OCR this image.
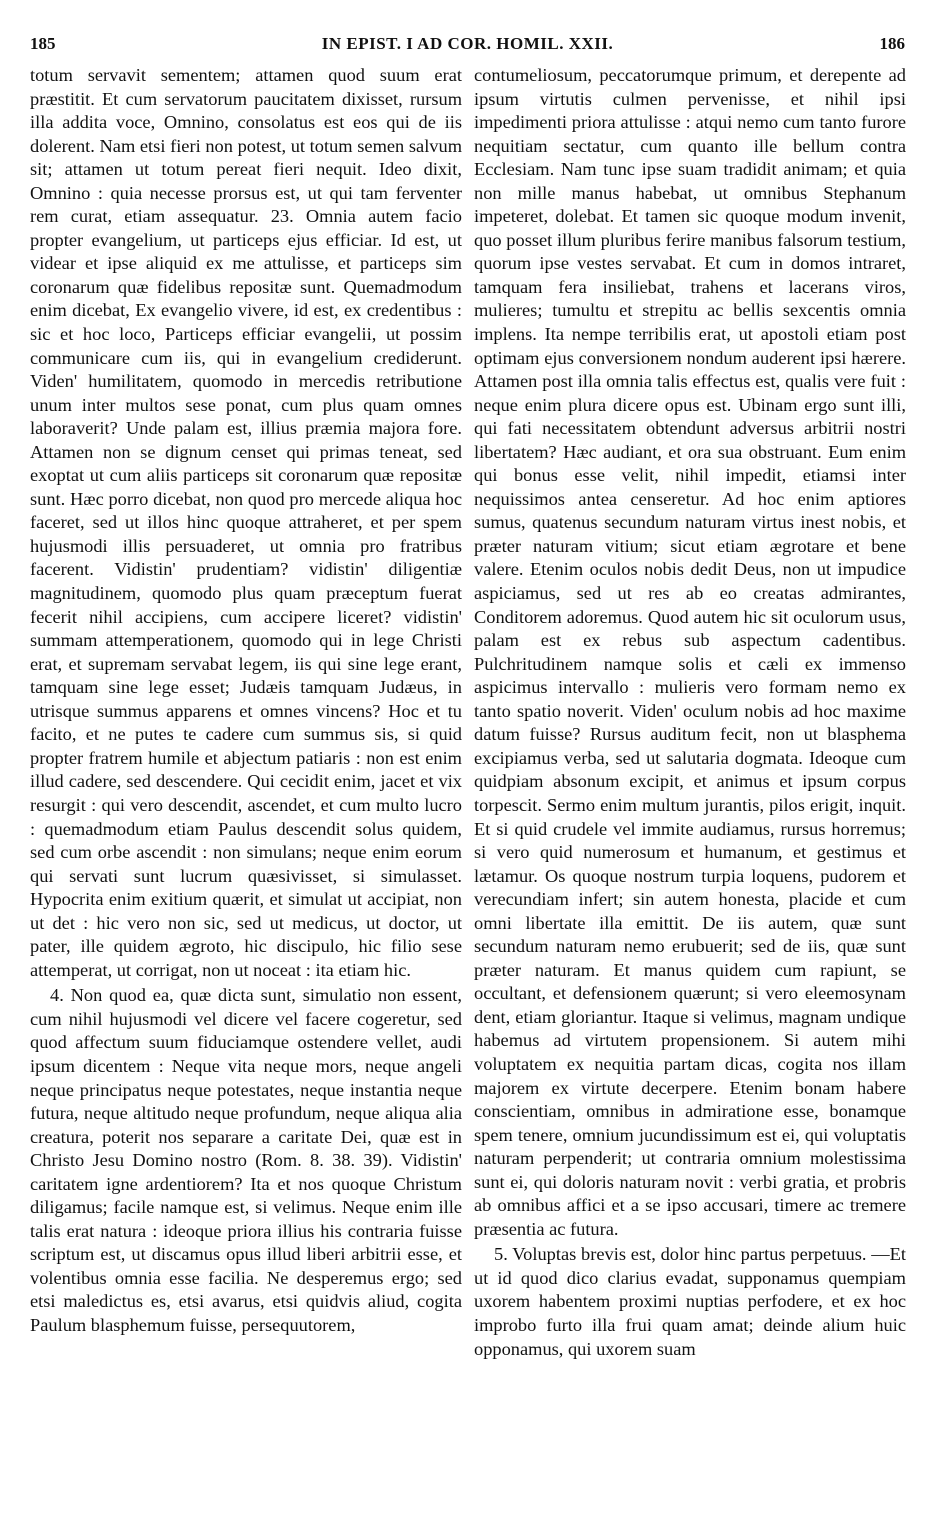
185	IN EPIST. I AD COR. HOMIL. XXII.	186

totum servavit sementem; attamen quod suum erat præstitit. Et cum servatorum paucitatem dixisset, rursum illa addita voce, Omnino, consolatus est eos qui de iis dolerent. Nam etsi fieri non potest, ut totum semen salvum sit; attamen ut totum pereat fieri nequit. Ideo dixit, Omnino : quia necesse prorsus est, ut qui tam ferventer rem curat, etiam assequatur. 23. Omnia autem facio propter evangelium, ut particeps ejus efficiar. Id est, ut videar et ipse aliquid ex me attulisse, et particeps sim coronarum quæ fidelibus repositæ sunt. Quemadmodum enim dicebat, Ex evangelio vivere, id est, ex credentibus : sic et hoc loco, Particeps efficiar evangelii, ut possim communicare cum iis, qui in evangelium crediderunt. Viden' humilitatem, quomodo in mercedis retributione unum inter multos sese ponat, cum plus quam omnes laboraverit? Unde palam est, illius præmia majora fore. Attamen non se dignum censet qui primas teneat, sed exoptat ut cum aliis particeps sit coronarum quæ repositæ sunt. Hæc porro dicebat, non quod pro mercede aliqua hoc faceret, sed ut illos hinc quoque attraheret, et per spem hujusmodi illis persuaderet, ut omnia pro fratribus facerent. Vidistin' prudentiam? vidistin' diligentiæ magnitudinem, quomodo plus quam præceptum fuerat fecerit nihil accipiens, cum accipere liceret? vidistin' summam attemperationem, quomodo qui in lege Christi erat, et supremam servabat legem, iis qui sine lege erant, tamquam sine lege esset; Judæis tamquam Judæus, in utrisque summus apparens et omnes vincens? Hoc et tu facito, et ne putes te cadere cum summus sis, si quid propter fratrem humile et abjectum patiaris : non est enim illud cadere, sed descendere. Qui cecidit enim, jacet et vix resurgit : qui vero descendit, ascendet, et cum multo lucro : quemadmodum etiam Paulus descendit solus quidem, sed cum orbe ascendit : non simulans; neque enim eorum qui servati sunt lucrum quæsivisset, si simulasset. Hypocrita enim exitium quærit, et simulat ut accipiat, non ut det : hic vero non sic, sed ut medicus, ut doctor, ut pater, ille quidem ægroto, hic discipulo, hic filio sese attemperat, ut corrigat, non ut noceat : ita etiam hic.

4. Non quod ea, quæ dicta sunt, simulatio non essent, cum nihil hujusmodi vel dicere vel facere cogeretur, sed quod affectum suum fiduciamque ostendere vellet, audi ipsum dicentem : Neque vita neque mors, neque angeli neque principatus neque potestates, neque instantia neque futura, neque altitudo neque profundum, neque aliqua alia creatura, poterit nos separare a caritate Dei, quæ est in Christo Jesu Domino nostro (Rom. 8. 38. 39). Vidistin' caritatem igne ardentiorem? Ita et nos quoque Christum diligamus; facile namque est, si velimus. Neque enim ille talis erat natura : ideoque priora illius his contraria fuisse scriptum est, ut discamus opus illud liberi arbitrii esse, et volentibus omnia esse facilia. Ne desperemus ergo; sed etsi maledictus es, etsi avarus, etsi quidvis aliud, cogita Paulum blasphemum fuisse, persequutorem,

contumeliosum, peccatorumque primum, et derepente ad ipsum virtutis culmen pervenisse, et nihil ipsi impedimenti priora attulisse : atqui nemo cum tanto furore nequitiam sectatur, cum quanto ille bellum contra Ecclesiam. Nam tunc ipse suam tradidit animam; et quia non mille manus habebat, ut omnibus Stephanum impeteret, dolebat. Et tamen sic quoque modum invenit, quo posset illum pluribus ferire manibus falsorum testium, quorum ipse vestes servabat. Et cum in domos intraret, tamquam fera insiliebat, trahens et lacerans viros, mulieres; tumultu et strepitu ac bellis sexcentis omnia implens. Ita nempe terribilis erat, ut apostoli etiam post optimam ejus conversionem nondum auderent ipsi hærere. Attamen post illa omnia talis effectus est, qualis vere fuit : neque enim plura dicere opus est. Ubinam ergo sunt illi, qui fati necessitatem obtendunt adversus arbitrii nostri libertatem? Hæc audiant, et ora sua obstruant. Eum enim qui bonus esse velit, nihil impedit, etiamsi inter nequissimos antea censeretur. Ad hoc enim aptiores sumus, quatenus secundum naturam virtus inest nobis, et præter naturam vitium; sicut etiam ægrotare et bene valere. Etenim oculos nobis dedit Deus, non ut impudice aspiciamus, sed ut res ab eo creatas admirantes, Conditorem adoremus. Quod autem hic sit oculorum usus, palam est ex rebus sub aspectum cadentibus. Pulchritudinem namque solis et cæli ex immenso aspicimus intervallo : mulieris vero formam nemo ex tanto spatio noverit. Viden' oculum nobis ad hoc maxime datum fuisse? Rursus auditum fecit, non ut blasphema excipiamus verba, sed ut salutaria dogmata. Ideoque cum quidpiam absonum excipit, et animus et ipsum corpus torpescit. Sermo enim multum jurantis, pilos erigit, inquit. Et si quid crudele vel immite audiamus, rursus horremus; si vero quid numerosum et humanum, et gestimus et lætamur. Os quoque nostrum turpia loquens, pudorem et verecundiam infert; sin autem honesta, placide et cum omni libertate illa emittit. De iis autem, quæ sunt secundum naturam nemo erubuerit; sed de iis, quæ sunt præter naturam. Et manus quidem cum rapiunt, se occultant, et defensionem quærunt; si vero eleemosynam dent, etiam gloriantur. Itaque si velimus, magnam undique habemus ad virtutem propensionem. Si autem mihi voluptatem ex nequitia partam dicas, cogita nos illam majorem ex virtute decerpere. Etenim bonam habere conscientiam, omnibus in admiratione esse, bonamque spem tenere, omnium jucundissimum est ei, qui voluptatis naturam perpenderit; ut contraria omnium molestissima sunt ei, qui doloris naturam novit : verbi gratia, et probris ab omnibus affici et a se ipso accusari, timere ac tremere præsentia ac futura.

5. Voluptas brevis est, dolor hinc partus perpetuus. —Et ut id quod dico clarius evadat, supponamus quempiam uxorem habentem proximi nuptias perfodere, et ex hoc improbo furto illa frui quam amat; deinde alium huic opponamus, qui uxorem suam
